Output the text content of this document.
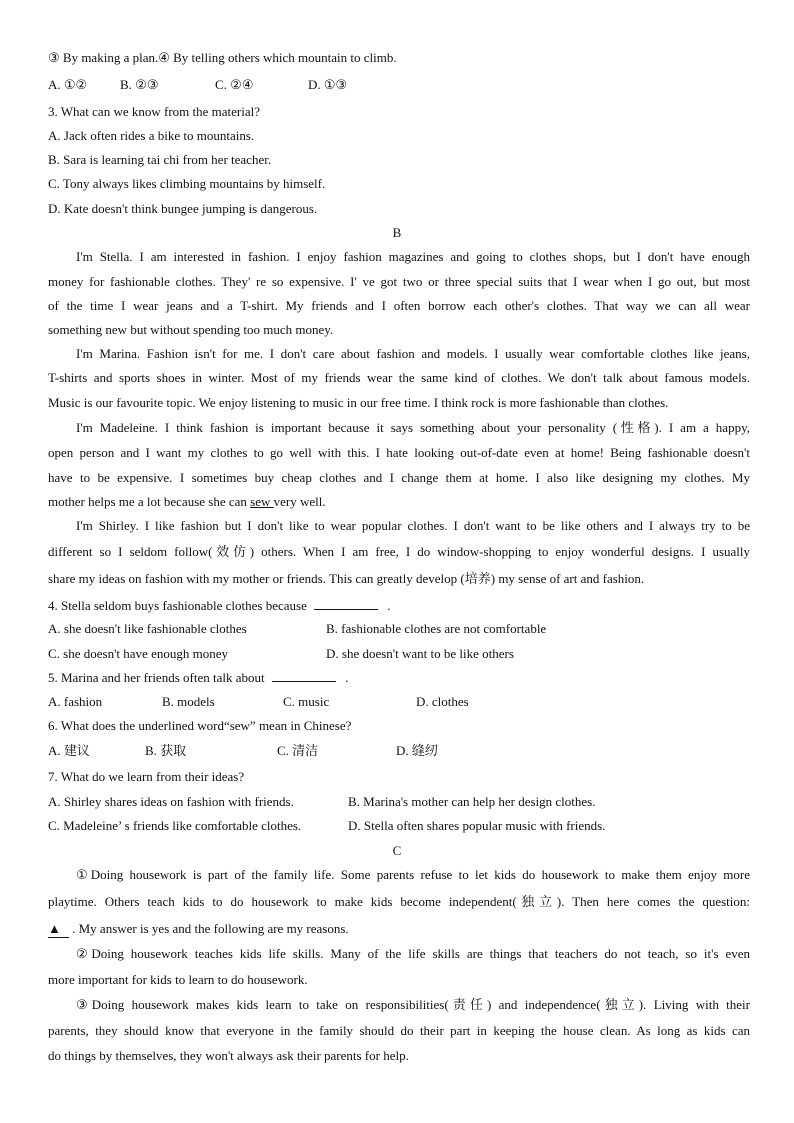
③ By making a plan.④ By telling others which mountain to climb.
A. ①②	B. ②③	C. ②④	D. ①③
3. What can we know from the material?
A. Jack often rides a bike to mountains.
B. Sara is learning tai chi from her teacher.
C. Tony always likes climbing mountains by himself.
D. Kate doesn't think bungee jumping is dangerous.
B
I'm Stella. I am interested in fashion. I enjoy fashion magazines and going to clothes shops, but I don't have enough
money for fashionable clothes. They' re so expensive. I' ve got two or three special suits that I wear when I go out, but most
of the time I wear jeans and a T-shirt. My friends and I often borrow each other's clothes. That way we can all wear
something new but without spending too much money.
I'm Marina. Fashion isn't for me. I don't care about fashion and models. I usually wear comfortable clothes like jeans,
T-shirts and sports shoes in winter. Most of my friends wear the same kind of clothes. We don't talk about famous models.
Music is our favourite topic. We enjoy listening to music in our free time. I think rock is more fashionable than clothes.
I'm Madeleine. I think fashion is important because it says something about your personality (性格). I am a happy,
open person and I want my clothes to go well with this. I hate looking out-of-date even at home! Being fashionable doesn't
have to be expensive. I sometimes buy cheap clothes and I change them at home. I also like designing my clothes. My
mother helps me a lot because she can sew very well.
I'm Shirley. I like fashion but I don't like to wear popular clothes. I don't want to be like others and I always try to be
different so I seldom follow(效仿) others. When I am free, I do window-shopping to enjoy wonderful designs. I usually
share my ideas on fashion with my mother or friends. This can greatly develop (培养) my sense of art and fashion.
4. Stella seldom buys fashionable clothes because	.
A. she doesn't like fashionable clothes	B. fashionable clothes are not comfortable
C. she doesn't have enough money	D. she doesn't want to be like others
5. Marina and her friends often talk about	.
A. fashion	B. models	C. music	D. clothes
6. What does the underlined word“sew” mean in Chinese?
A. 建议	B. 获取	C. 清洁	D. 缝纫
7. What do we learn from their ideas?
A. Shirley shares ideas on fashion with friends.	B. Marina's mother can help her design clothes.
C. Madeleine’ s friends like comfortable clothes.	D. Stella often shares popular music with friends.
C
①Doing housework is part of the family life. Some parents refuse to let kids do housework to make them enjoy more
playtime. Others teach kids to do housework to make kids become independent(独立). Then here comes the question:
▲ . My answer is yes and the following are my reasons.
②Doing housework teaches kids life skills. Many of the life skills are things that teachers do not teach, so it's even
more important for kids to learn to do housework.
③Doing housework makes kids learn to take on responsibilities(责任) and independence(独立). Living with their
parents, they should know that everyone in the family should do their part in keeping the house clean. As long as kids can
do things by themselves, they won't always ask their parents for help.
